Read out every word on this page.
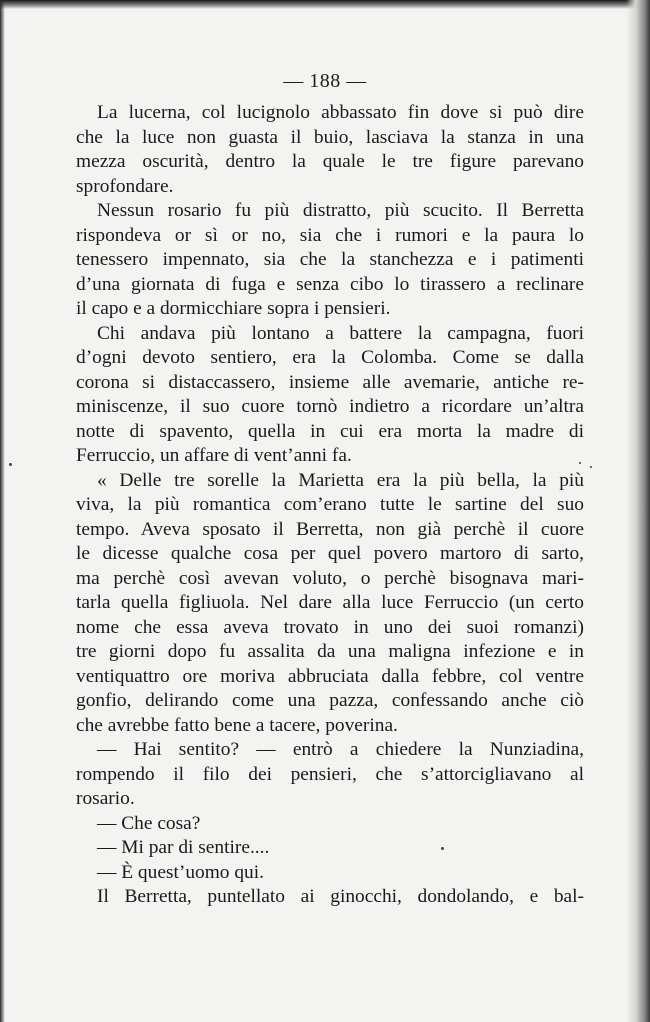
— 188 —
La lucerna, col lucignolo abbassato fin dove si può dire
che la luce non guasta il buio, lasciava la stanza in una
mezza oscurità, dentro la quale le tre figure parevano
sprofondare.
Nessun rosario fu più distratto, più scucito. Il Berretta
rispondeva or sì or no, sia che i rumori e la paura lo
tenessero impennato, sia che la stanchezza e i patimenti
d’una giornata di fuga e senza cibo lo tirassero a reclinare
il capo e a dormicchiare sopra i pensieri.
Chi andava più lontano a battere la campagna, fuori
d’ogni devoto sentiero, era la Colomba. Come se dalla
corona si distaccassero, insieme alle avemarie, antiche re-
miniscenze, il suo cuore tornò indietro a ricordare un’altra
notte di spavento, quella in cui era morta la madre di
Ferruccio, un affare di vent’anni fa.
« Delle tre sorelle la Marietta era la più bella, la più
viva, la più romantica com’erano tutte le sartine del suo
tempo. Aveva sposato il Berretta, non già perchè il cuore
le dicesse qualche cosa per quel povero martoro di sarto,
ma perchè così avevan voluto, o perchè bisognava mari-
tarla quella figliuola. Nel dare alla luce Ferruccio (un certo
nome che essa aveva trovato in uno dei suoi romanzi)
tre giorni dopo fu assalita da una maligna infezione e in
ventiquattro ore moriva abbruciata dalla febbre, col ventre
gonfio, delirando come una pazza, confessando anche ciò
che avrebbe fatto bene a tacere, poverina.
— Hai sentito? — entrò a chiedere la Nunziadina,
rompendo il filo dei pensieri, che s’attorcigliavano al
rosario.
— Che cosa?
— Mi par di sentire....
— È quest’uomo qui.
Il Berretta, puntellato ai ginocchi, dondolando, e bal-
